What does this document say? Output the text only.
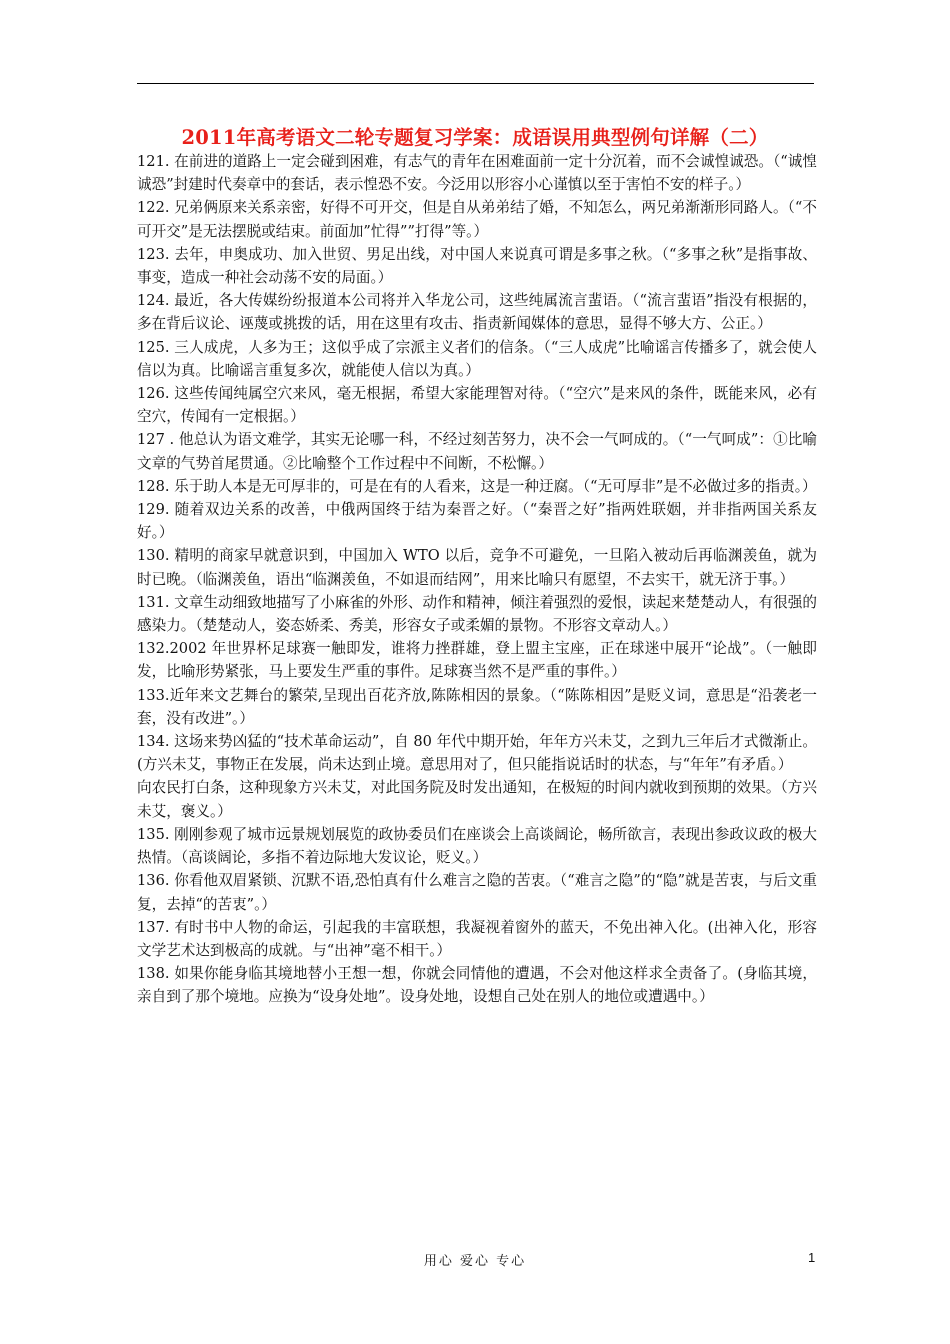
2011年高考语文二轮专题复习学案：成语误用典型例句详解（二）

121. 在前进的道路上一定会碰到困难，有志气的青年在困难面前一定十分沉着，而不会诚惶诚恐。（“诚惶诚恐”封建时代奏章中的套话，表示惶恐不安。今泛用以形容小心谨慎以至于害怕不安的样子。）

122. 兄弟俩原来关系亲密，好得不可开交，但是自从弟弟结了婚，不知怎么，两兄弟渐渐形同路人。（“不可开交”是无法摆脱或结束。前面加”忙得””打得”等。）

123. 去年，申奥成功、加入世贸、男足出线，对中国人来说真可谓是多事之秋。（“多事之秋”是指事故、事变，造成一种社会动荡不安的局面。）

124. 最近，各大传媒纷纷报道本公司将并入华龙公司，这些纯属流言蜚语。（“流言蜚语”指没有根据的，多在背后议论、诬蔑或挑拨的话，用在这里有攻击、指责新闻媒体的意思，显得不够大方、公正。）

125. 三人成虎，人多为王；这似乎成了宗派主义者们的信条。（“三人成虎”比喻谣言传播多了，就会使人信以为真。比喻谣言重复多次，就能使人信以为真。）

126. 这些传闻纯属空穴来风，毫无根据，希望大家能理智对待。（“空穴”是来风的条件，既能来风，必有空穴，传闻有一定根据。）

127 . 他总认为语文难学，其实无论哪一科，不经过刻苦努力，决不会一气呵成的。（“一气呵成”：①比喻文章的气势首尾贯通。②比喻整个工作过程中不间断，不松懈。）

128. 乐于助人本是无可厚非的，可是在有的人看来，这是一种迂腐。（“无可厚非”是不必做过多的指责。）

129. 随着双边关系的改善，中俄两国终于结为秦晋之好。（“秦晋之好”指两姓联姻，并非指两国关系友好。）

130. 精明的商家早就意识到，中国加入 WTO 以后，竞争不可避免，一旦陷入被动后再临渊羡鱼，就为时已晚。（临渊羡鱼，语出“临渊羡鱼，不如退而结网”，用来比喻只有愿望，不去实干，就无济于事。）

131. 文章生动细致地描写了小麻雀的外形、动作和精神，倾注着强烈的爱恨，读起来楚楚动人，有很强的感染力。（楚楚动人，姿态娇柔、秀美，形容女子或柔媚的景物。不形容文章动人。）

132.2002 年世界杯足球赛一触即发，谁将力挫群雄，登上盟主宝座，正在球迷中展开“论战”。（一触即发，比喻形势紧张，马上要发生严重的事件。足球赛当然不是严重的事件。）

133.近年来文艺舞台的繁荣,呈现出百花齐放,陈陈相因的景象。（“陈陈相因”是贬义词，意思是“沿袭老一套，没有改进”。）

134. 这场来势凶猛的“技术革命运动”，自 80 年代中期开始，年年方兴未艾，之到九三年后才式微渐止。(方兴未艾，事物正在发展，尚未达到止境。意思用对了，但只能指说话时的状态，与“年年”有矛盾。）

向农民打白条，这种现象方兴未艾，对此国务院及时发出通知，在极短的时间内就收到预期的效果。（方兴未艾，褒义。）

135. 刚刚参观了城市远景规划展览的政协委员们在座谈会上高谈阔论，畅所欲言，表现出参政议政的极大热情。（高谈阔论，多指不着边际地大发议论，贬义。）

136. 你看他双眉紧锁、沉默不语,恐怕真有什么难言之隐的苦衷。（“难言之隐”的“隐”就是苦衷，与后文重复，去掉“的苦衷”。）

137. 有时书中人物的命运，引起我的丰富联想，我凝视着窗外的蓝天，不免出神入化。(出神入化，形容文学艺术达到极高的成就。与“出神”毫不相干。）

138. 如果你能身临其境地替小王想一想，你就会同情他的遭遇，不会对他这样求全责备了。(身临其境，亲自到了那个境地。应换为“设身处地”。设身处地，设想自己处在别人的地位或遭遇中。）

用心 爱心 专心	1
